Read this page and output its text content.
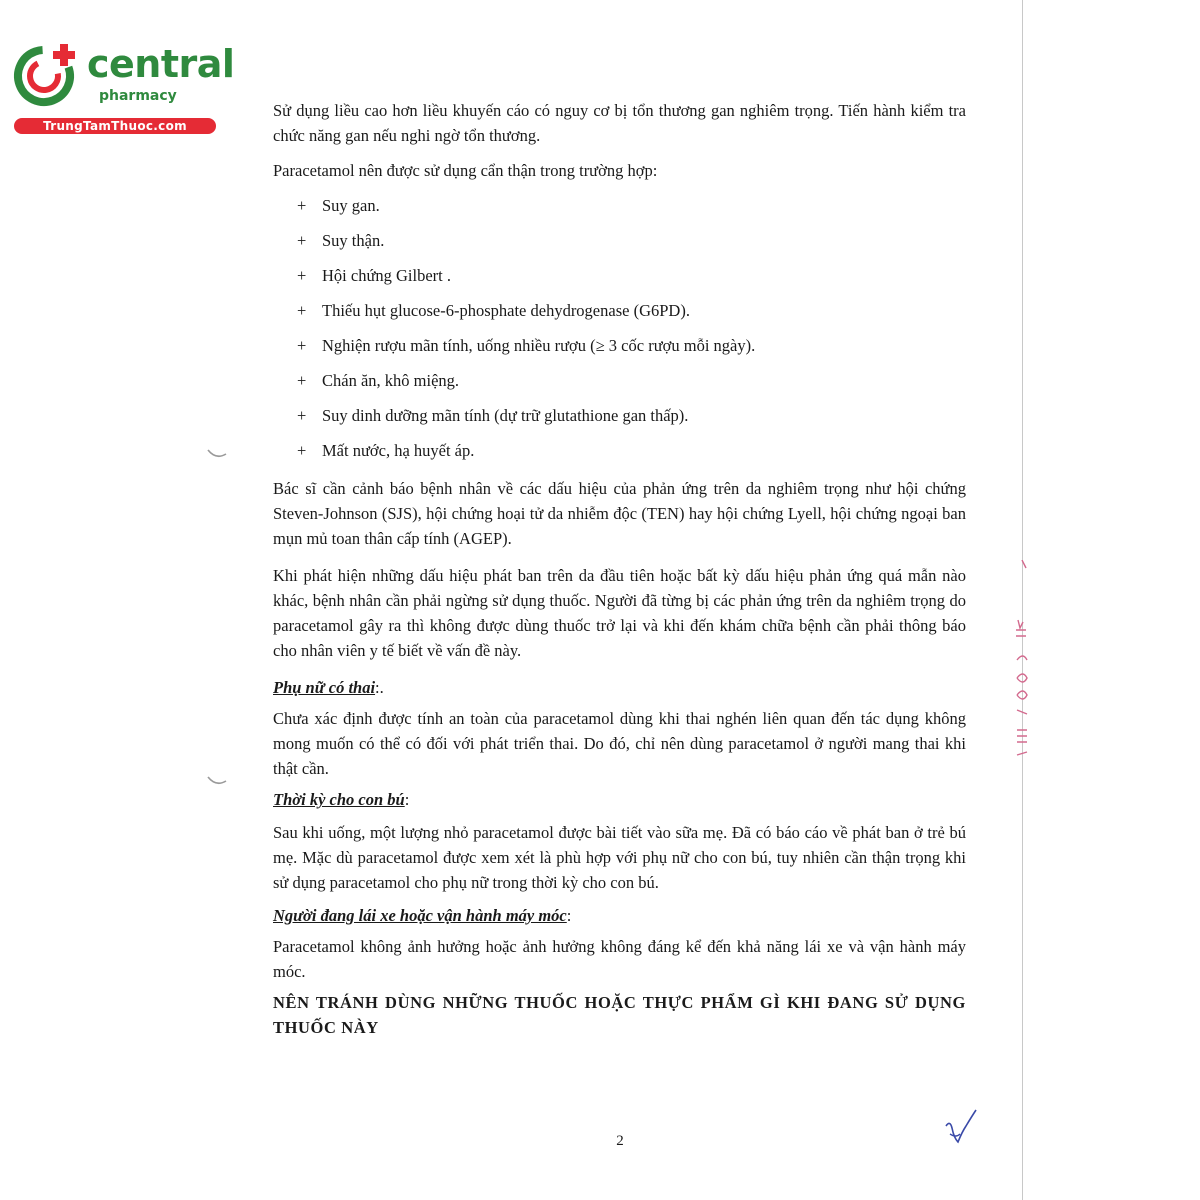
central
pharmacy
TrungTamThuoc.com

Sử dụng liều cao hơn liều khuyến cáo có nguy cơ bị tổn thương gan nghiêm trọng. Tiến hành kiểm tra chức năng gan nếu nghi ngờ tổn thương.

Paracetamol nên được sử dụng cẩn thận trong trường hợp:

+ Suy gan.
+ Suy thận.
+ Hội chứng Gilbert .
+ Thiếu hụt glucose-6-phosphate dehydrogenase (G6PD).
+ Nghiện rượu mãn tính, uống nhiều rượu (≥ 3 cốc rượu mỗi ngày).
+ Chán ăn, khô miệng.
+ Suy dinh dưỡng mãn tính (dự trữ glutathione gan thấp).
+ Mất nước, hạ huyết áp.

Bác sĩ cần cảnh báo bệnh nhân về các dấu hiệu của phản ứng trên da nghiêm trọng như hội chứng Steven-Johnson (SJS), hội chứng hoại tử da nhiễm độc (TEN) hay hội chứng Lyell, hội chứng ngoại ban mụn mủ toan thân cấp tính (AGEP).

Khi phát hiện những dấu hiệu phát ban trên da đầu tiên hoặc bất kỳ dấu hiệu phản ứng quá mẫn nào khác, bệnh nhân cần phải ngừng sử dụng thuốc. Người đã từng bị các phản ứng trên da nghiêm trọng do paracetamol gây ra thì không được dùng thuốc trở lại và khi đến khám chữa bệnh cần phải thông báo cho nhân viên y tế biết về vấn đề này.

Phụ nữ có thai:.

Chưa xác định được tính an toàn của paracetamol dùng khi thai nghén liên quan đến tác dụng không mong muốn có thể có đối với phát triển thai. Do đó, chỉ nên dùng paracetamol ở người mang thai khi thật cần.

Thời kỳ cho con bú:

Sau khi uống, một lượng nhỏ paracetamol được bài tiết vào sữa mẹ. Đã có báo cáo về phát ban ở trẻ bú mẹ. Mặc dù paracetamol được xem xét là phù hợp với phụ nữ cho con bú, tuy nhiên cần thận trọng khi sử dụng paracetamol cho phụ nữ trong thời kỳ cho con bú.

Người đang lái xe hoặc vận hành máy móc:

Paracetamol không ảnh hưởng hoặc ảnh hưởng không đáng kể đến khả năng lái xe và vận hành máy móc.

NÊN TRÁNH DÙNG NHỮNG THUỐC HOẶC THỰC PHẨM GÌ KHI ĐANG SỬ DỤNG THUỐC NÀY

2
